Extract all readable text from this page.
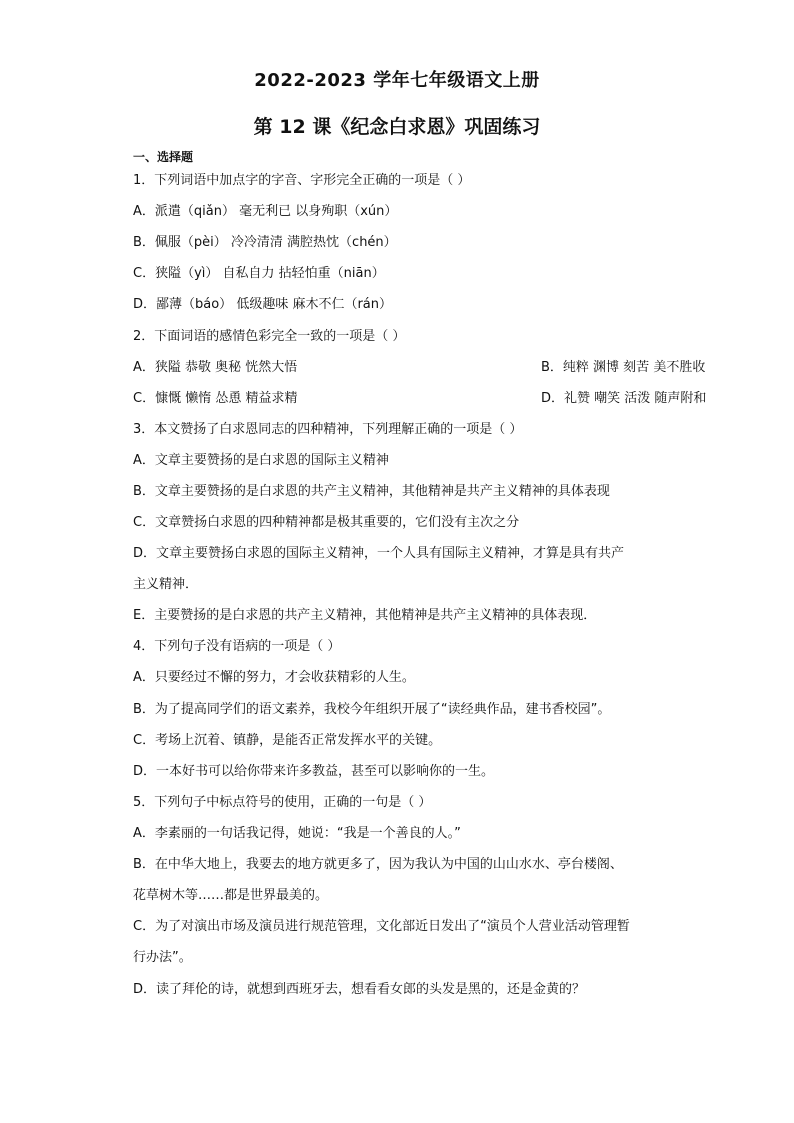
2022-2023 学年七年级语文上册
第 12 课《纪念白求恩》巩固练习
一、选择题
1．下列词语中加点字的字音、字形完全正确的一项是（ ）
A．派遣（qiǎn） 毫无利已 以身殉职（xún）
B．佩服（pèi） 冷冷清清 满腔热忱（chén）
C．狭隘（yì） 自私自力 拈轻怕重（niān）
D．鄙薄（báo） 低级趣味 麻木不仁（rán）
2．下面词语的感情色彩完全一致的一项是（ ）
A．狭隘 恭敬 奥秘 恍然大悟	B．纯粹 渊博 刻苦 美不胜收
C．慷慨 懒惰 怂恿 精益求精	D．礼赞 嘲笑 活泼 随声附和
3．本文赞扬了白求恩同志的四种精神，下列理解正确的一项是（ ）
A．文章主要赞扬的是白求恩的国际主义精神
B．文章主要赞扬的是白求恩的共产主义精神，其他精神是共产主义精神的具体表现
C．文章赞扬白求恩的四种精神都是极其重要的，它们没有主次之分
D．文章主要赞扬白求恩的国际主义精神，一个人具有国际主义精神，才算是具有共产
主义精神．
E．主要赞扬的是白求恩的共产主义精神，其他精神是共产主义精神的具体表现．
4．下列句子没有语病的一项是（ ）
A．只要经过不懈的努力，才会收获精彩的人生。
B．为了提高同学们的语文素养，我校今年组织开展了“读经典作品，建书香校园”。
C．考场上沉着、镇静，是能否正常发挥水平的关键。
D．一本好书可以给你带来许多教益，甚至可以影响你的一生。
5．下列句子中标点符号的使用，正确的一句是（ ）
A．李素丽的一句话我记得，她说：“我是一个善良的人。”
B．在中华大地上，我要去的地方就更多了，因为我认为中国的山山水水、亭台楼阁、
花草树木等……都是世界最美的。
C．为了对演出市场及演员进行规范管理，文化部近日发出了“演员个人营业活动管理暂
行办法”。
D．读了拜伦的诗，就想到西班牙去，想看看女郎的头发是黑的，还是金黄的？
